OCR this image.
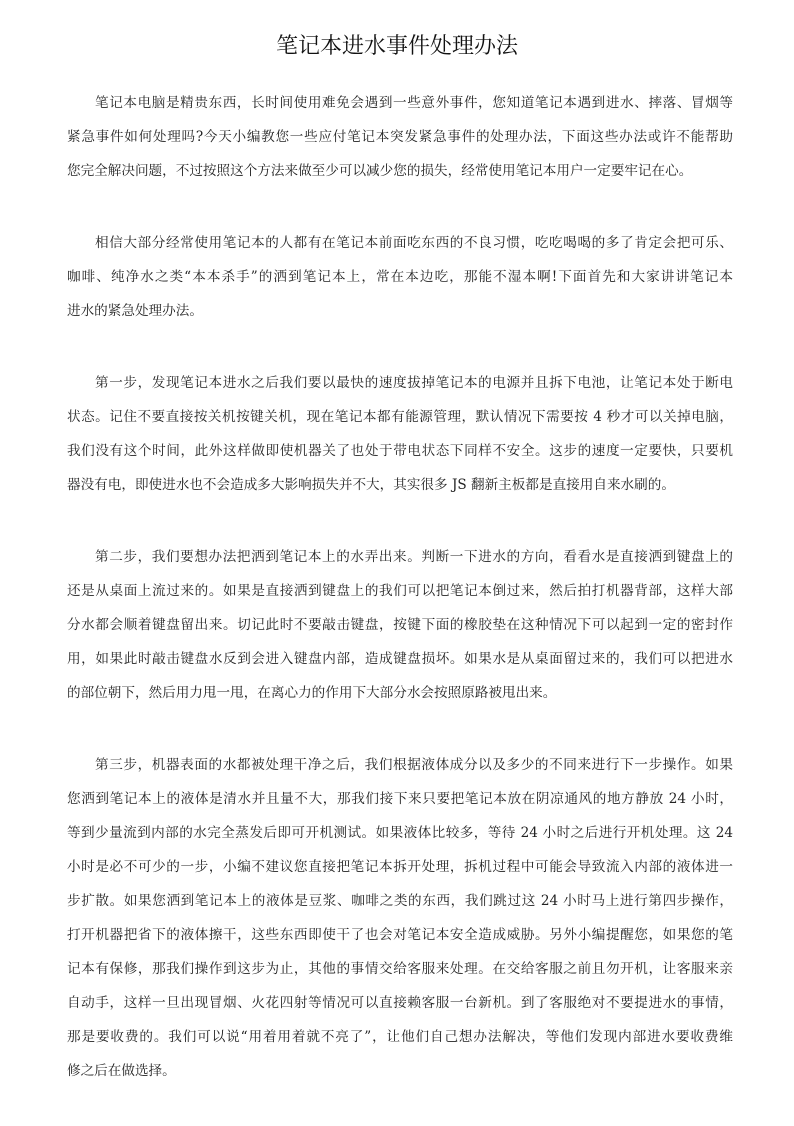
笔记本进水事件处理办法

笔记本电脑是精贵东西，长时间使用难免会遇到一些意外事件，您知道笔记本遇到进水、摔落、冒烟等
紧急事件如何处理吗?今天小编教您一些应付笔记本突发紧急事件的处理办法，下面这些办法或许不能帮助
您完全解决问题，不过按照这个方法来做至少可以减少您的损失，经常使用笔记本用户一定要牢记在心。

相信大部分经常使用笔记本的人都有在笔记本前面吃东西的不良习惯，吃吃喝喝的多了肯定会把可乐、
咖啡、纯净水之类“本本杀手”的洒到笔记本上，常在本边吃，那能不湿本啊!下面首先和大家讲讲笔记本
进水的紧急处理办法。

第一步，发现笔记本进水之后我们要以最快的速度拔掉笔记本的电源并且拆下电池，让笔记本处于断电
状态。记住不要直接按关机按键关机，现在笔记本都有能源管理，默认情况下需要按 4 秒才可以关掉电脑，
我们没有这个时间，此外这样做即使机器关了也处于带电状态下同样不安全。这步的速度一定要快，只要机
器没有电，即使进水也不会造成多大影响损失并不大，其实很多 JS 翻新主板都是直接用自来水刷的。

第二步，我们要想办法把洒到笔记本上的水弄出来。判断一下进水的方向，看看水是直接洒到键盘上的
还是从桌面上流过来的。如果是直接洒到键盘上的我们可以把笔记本倒过来，然后拍打机器背部，这样大部
分水都会顺着键盘留出来。切记此时不要敲击键盘，按键下面的橡胶垫在这种情况下可以起到一定的密封作
用，如果此时敲击键盘水反到会进入键盘内部，造成键盘损坏。如果水是从桌面留过来的，我们可以把进水
的部位朝下，然后用力甩一甩，在离心力的作用下大部分水会按照原路被甩出来。

第三步，机器表面的水都被处理干净之后，我们根据液体成分以及多少的不同来进行下一步操作。如果
您洒到笔记本上的液体是清水并且量不大，那我们接下来只要把笔记本放在阴凉通风的地方静放 24 小时，
等到少量流到内部的水完全蒸发后即可开机测试。如果液体比较多，等待 24 小时之后进行开机处理。这 24
小时是必不可少的一步，小编不建议您直接把笔记本拆开处理，拆机过程中可能会导致流入内部的液体进一
步扩散。如果您洒到笔记本上的液体是豆浆、咖啡之类的东西，我们跳过这 24 小时马上进行第四步操作，
打开机器把省下的液体擦干，这些东西即使干了也会对笔记本安全造成威胁。另外小编提醒您，如果您的笔
记本有保修，那我们操作到这步为止，其他的事情交给客服来处理。在交给客服之前且勿开机，让客服来亲
自动手，这样一旦出现冒烟、火花四射等情况可以直接赖客服一台新机。到了客服绝对不要提进水的事情，
那是要收费的。我们可以说“用着用着就不亮了”，让他们自己想办法解决，等他们发现内部进水要收费维
修之后在做选择。
